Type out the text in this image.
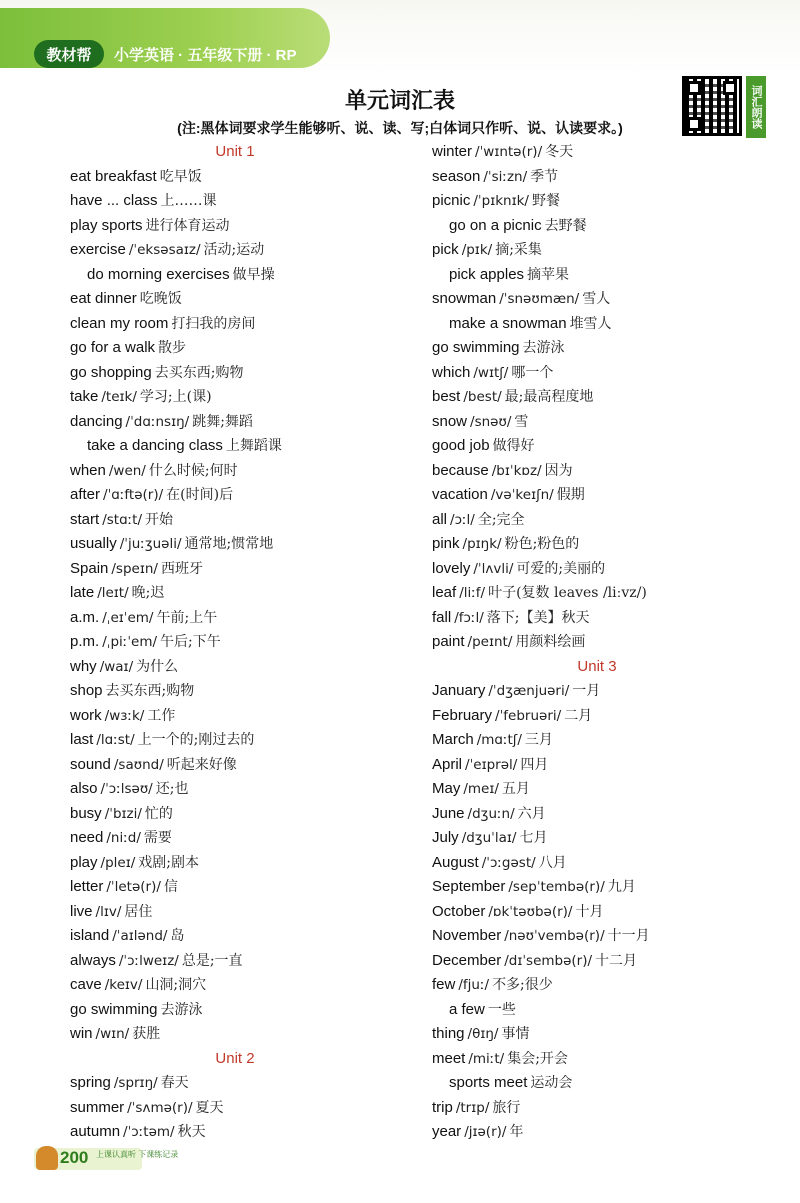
教材帮	小学英语 · 五年级下册 · RP
词汇朗读
单元词汇表
(注:黑体词要求学生能够听、说、读、写;白体词只作听、说、认读要求。)
Unit 1
eat breakfast 吃早饭
have ... class 上……课
play sports 进行体育运动
exercise /ˈeksəsaɪz/ 活动;运动
do morning exercises 做早操
eat dinner 吃晚饭
clean my room 打扫我的房间
go for a walk 散步
go shopping 去买东西;购物
take /teɪk/ 学习;上(课)
dancing /ˈdɑːnsɪŋ/ 跳舞;舞蹈
take a dancing class 上舞蹈课
when /wen/ 什么时候;何时
after /ˈɑːftə(r)/ 在(时间)后
start /stɑːt/ 开始
usually /ˈjuːʒuəli/ 通常地;惯常地
Spain /speɪn/ 西班牙
late /leɪt/ 晚;迟
a.m. /ˌeɪˈem/ 午前;上午
p.m. /ˌpiːˈem/ 午后;下午
why /waɪ/ 为什么
shop 去买东西;购物
work /wɜːk/ 工作
last /lɑːst/ 上一个的;刚过去的
sound /saʊnd/ 听起来好像
also /ˈɔːlsəʊ/ 还;也
busy /ˈbɪzi/ 忙的
need /niːd/ 需要
play /pleɪ/ 戏剧;剧本
letter /ˈletə(r)/ 信
live /lɪv/ 居住
island /ˈaɪlənd/ 岛
always /ˈɔːlweɪz/ 总是;一直
cave /keɪv/ 山洞;洞穴
go swimming 去游泳
win /wɪn/ 获胜
Unit 2
spring /sprɪŋ/ 春天
summer /ˈsʌmə(r)/ 夏天
autumn /ˈɔːtəm/ 秋天
winter /ˈwɪntə(r)/ 冬天
season /ˈsiːzn/ 季节
picnic /ˈpɪknɪk/ 野餐
go on a picnic 去野餐
pick /pɪk/ 摘;采集
pick apples 摘苹果
snowman /ˈsnəʊmæn/ 雪人
make a snowman 堆雪人
go swimming 去游泳
which /wɪtʃ/ 哪一个
best /best/ 最;最高程度地
snow /snəʊ/ 雪
good job 做得好
because /bɪˈkɒz/ 因为
vacation /vəˈkeɪʃn/ 假期
all /ɔːl/ 全;完全
pink /pɪŋk/ 粉色;粉色的
lovely /ˈlʌvli/ 可爱的;美丽的
leaf /liːf/ 叶子(复数 leaves /liːvz/)
fall /fɔːl/ 落下;【美】秋天
paint /peɪnt/ 用颜料绘画
Unit 3
January /ˈdʒænjuəri/ 一月
February /ˈfebruəri/ 二月
March /mɑːtʃ/ 三月
April /ˈeɪprəl/ 四月
May /meɪ/ 五月
June /dʒuːn/ 六月
July /dʒuˈlaɪ/ 七月
August /ˈɔːgəst/ 八月
September /sepˈtembə(r)/ 九月
October /ɒkˈtəʊbə(r)/ 十月
November /nəʊˈvembə(r)/ 十一月
December /dɪˈsembə(r)/ 十二月
few /fjuː/ 不多;很少
a few 一些
thing /θɪŋ/ 事情
meet /miːt/ 集会;开会
sports meet 运动会
trip /trɪp/ 旅行
year /jɪə(r)/ 年
200 上课认真听 下课练记录
